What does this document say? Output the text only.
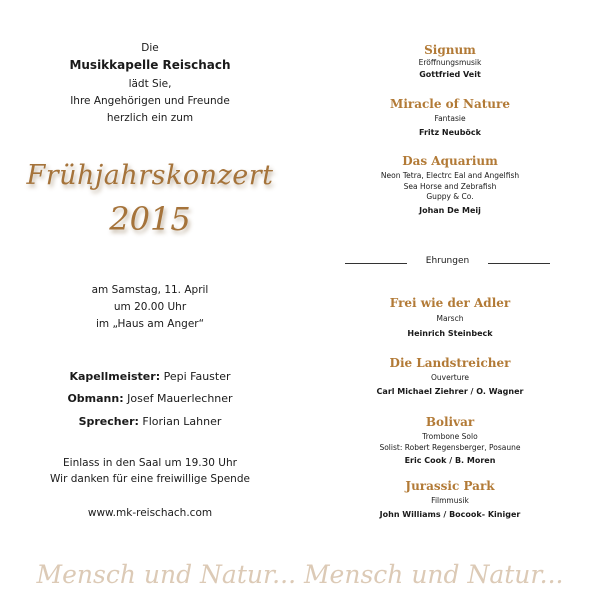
Die
Musikkapelle Reischach
lädt Sie,
Ihre Angehörigen und Freunde
herzlich ein zum
Frühjahrskonzert
2015
am Samstag, 11. April
um 20.00 Uhr
im „Haus am Anger“
Kapellmeister: Pepi Fauster
Obmann: Josef Mauerlechner
Sprecher: Florian Lahner
Einlass in den Saal um 19.30 Uhr
Wir danken für eine freiwillige Spende
www.mk-reischach.com
Signum
Eröffnungsmusik
Gottfried Veit
Miracle of Nature
Fantasie
Fritz Neuböck
Das Aquarium
Neon Tetra, Electrc Eal and Angelfish
Sea Horse and Zebrafish
Guppy & Co.
Johan De Meij
Ehrungen
Frei wie der Adler
Marsch
Heinrich Steinbeck
Die Landstreicher
Ouverture
Carl Michael Ziehrer / O. Wagner
Bolivar
Trombone Solo
Solist: Robert Regensberger, Posaune
Eric Cook / B. Moren
Jurassic Park
Filmmusik
John Williams / Bocook- Kiniger
Mensch und Natur... Mensch und Natur...
